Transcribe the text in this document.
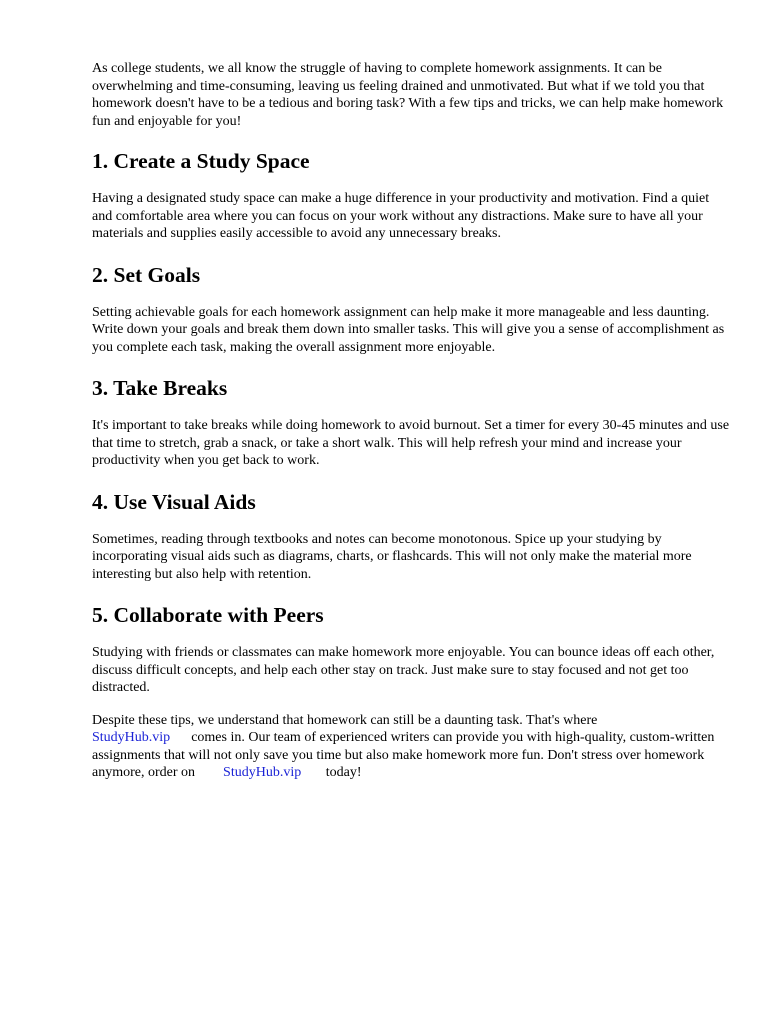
As college students, we all know the struggle of having to complete homework assignments. It can be overwhelming and time-consuming, leaving us feeling drained and unmotivated. But what if we told you that homework doesn't have to be a tedious and boring task? With a few tips and tricks, we can help make homework fun and enjoyable for you!

1. Create a Study Space

Having a designated study space can make a huge difference in your productivity and motivation. Find a quiet and comfortable area where you can focus on your work without any distractions. Make sure to have all your materials and supplies easily accessible to avoid any unnecessary breaks.

2. Set Goals

Setting achievable goals for each homework assignment can help make it more manageable and less daunting. Write down your goals and break them down into smaller tasks. This will give you a sense of accomplishment as you complete each task, making the overall assignment more enjoyable.

3. Take Breaks

It's important to take breaks while doing homework to avoid burnout. Set a timer for every 30-45 minutes and use that time to stretch, grab a snack, or take a short walk. This will help refresh your mind and increase your productivity when you get back to work.

4. Use Visual Aids

Sometimes, reading through textbooks and notes can become monotonous. Spice up your studying by incorporating visual aids such as diagrams, charts, or flashcards. This will not only make the material more interesting but also help with retention.

5. Collaborate with Peers

Studying with friends or classmates can make homework more enjoyable. You can bounce ideas off each other, discuss difficult concepts, and help each other stay on track. Just make sure to stay focused and not get too distracted.

Despite these tips, we understand that homework can still be a daunting task. That's where
StudyHub.vip comes in. Our team of experienced writers can provide you with high-quality, custom-written assignments that will not only save you time but also make homework more fun. Don't stress over homework anymore, order on StudyHub.vip today!
